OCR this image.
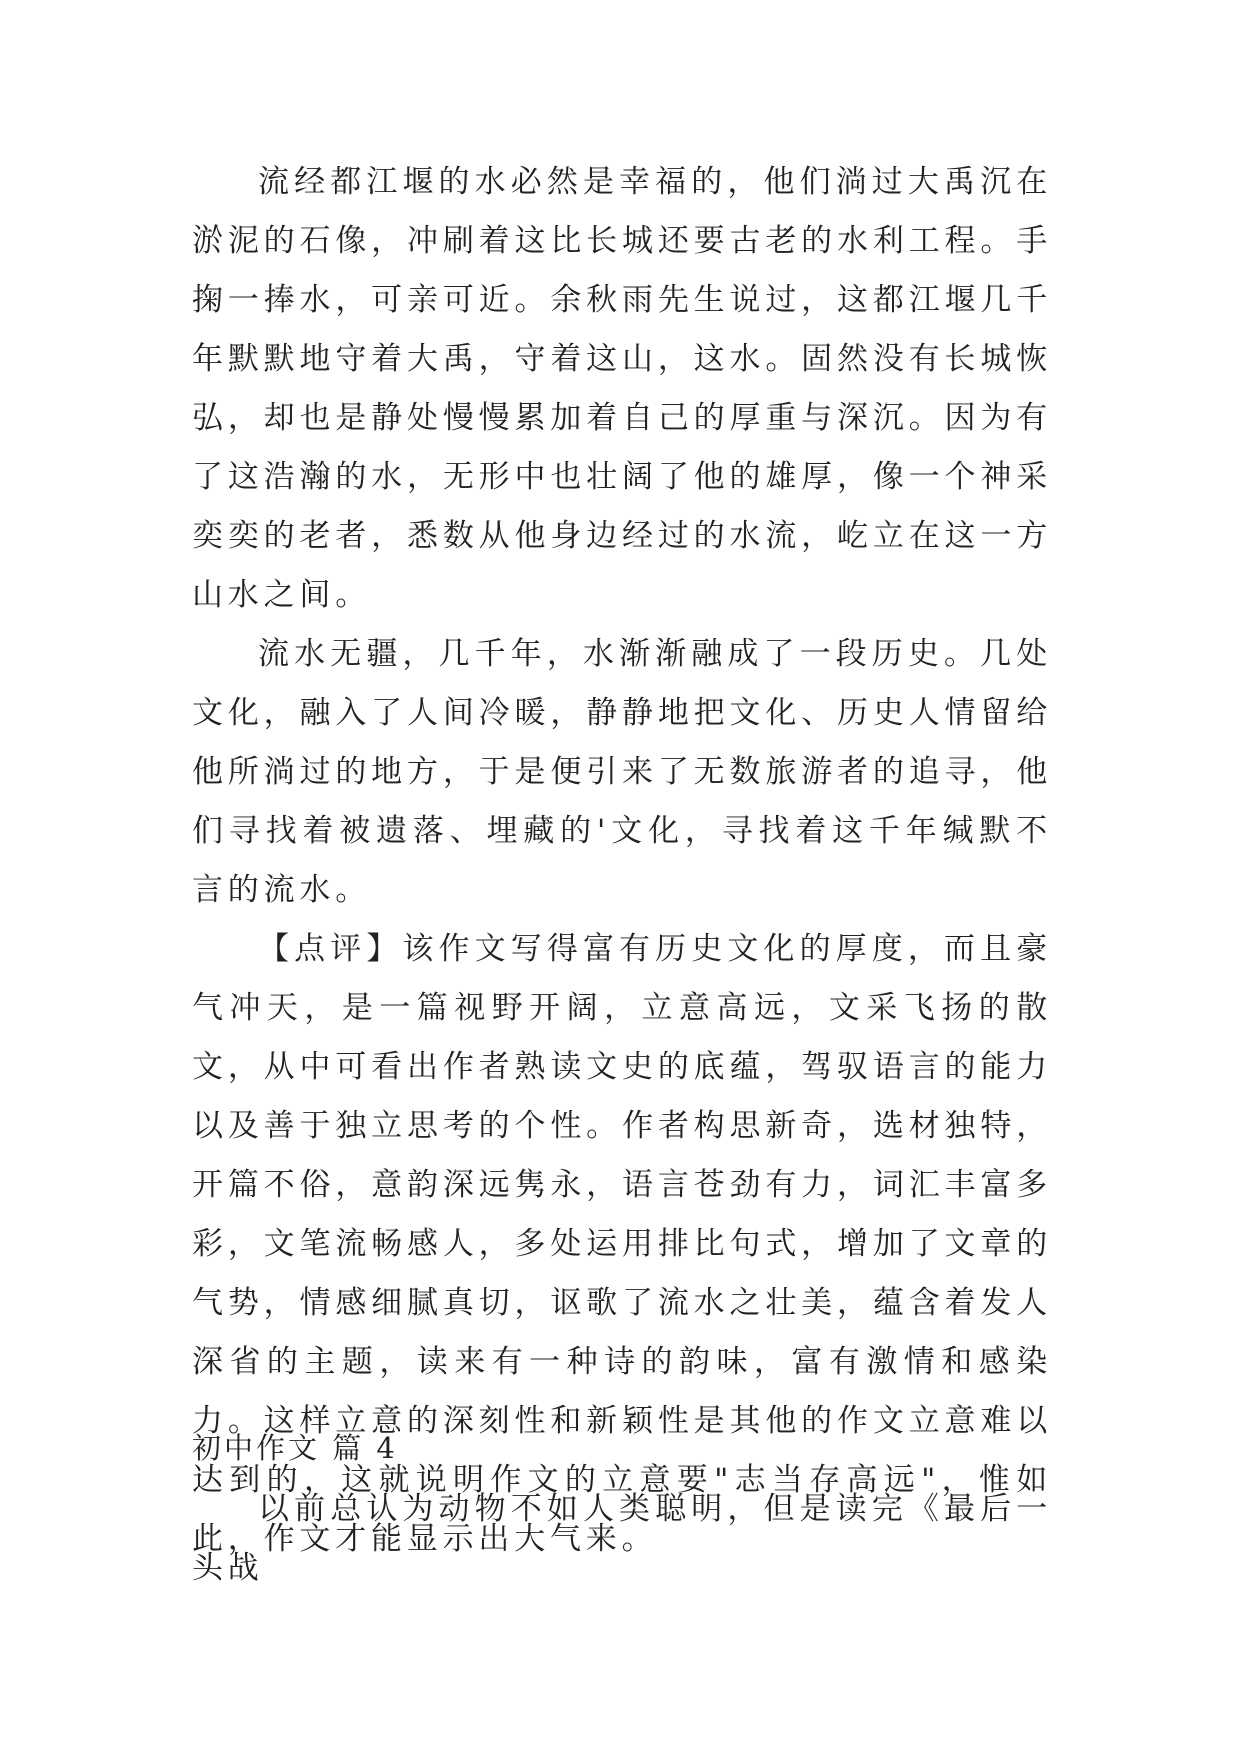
流经都江堰的水必然是幸福的，他们淌过大禹沉在淤泥的石像，冲刷着这比长城还要古老的水利工程。手掬一捧水，可亲可近。余秋雨先生说过，这都江堰几千年默默地守着大禹，守着这山，这水。固然没有长城恢弘，却也是静处慢慢累加着自己的厚重与深沉。因为有了这浩瀚的水，无形中也壮阔了他的雄厚，像一个神采奕奕的老者，悉数从他身边经过的水流，屹立在这一方山水之间。

流水无疆，几千年，水渐渐融成了一段历史。几处文化，融入了人间冷暖，静静地把文化、历史人情留给他所淌过的地方，于是便引来了无数旅游者的追寻，他们寻找着被遗落、埋藏的'文化，寻找着这千年缄默不言的流水。

【点评】该作文写得富有历史文化的厚度，而且豪气冲天，是一篇视野开阔，立意高远，文采飞扬的散文，从中可看出作者熟读文史的底蕴，驾驭语言的能力以及善于独立思考的个性。作者构思新奇，选材独特，开篇不俗，意韵深远隽永，语言苍劲有力，词汇丰富多彩，文笔流畅感人，多处运用排比句式，增加了文章的气势，情感细腻真切，讴歌了流水之壮美，蕴含着发人深省的主题，读来有一种诗的韵味，富有激情和感染力。这样立意的深刻性和新颖性是其他的作文立意难以达到的，这就说明作文的立意要"志当存高远"，惟如此，作文才能显示出大气来。

初中作文 篇 4

以前总认为动物不如人类聪明，但是读完《最后一头战
